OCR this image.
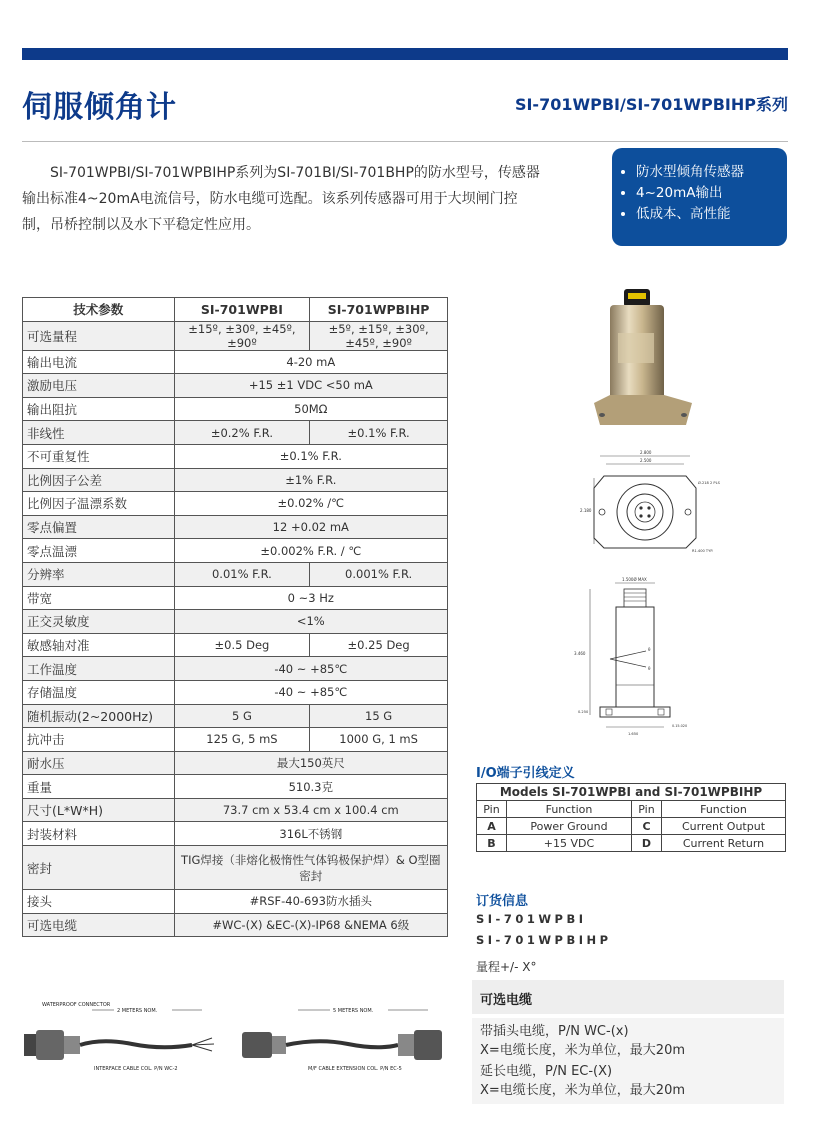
伺服倾角计	SI-701WPBI/SI-701WPBIHP系列
SI-701WPBI/SI-701WPBIHP系列为SI-701BI/SI-701BHP的防水型号，传感器输出标准4~20mA电流信号，防水电缆可选配。该系列传感器可用于大坝闸门控制，吊桥控制以及水下平稳定性应用。
• 防水型倾角传感器
• 4~20mA输出
• 低成本、高性能
技术参数	SI-701WPBI	SI-701WPBIHP
可选量程	±15º, ±30º, ±45º, ±90º	±5º, ±15º, ±30º, ±45º, ±90º
输出电流	4-20 mA	
激励电压	+15 ±1 VDC <50 mA	
输出阻抗	50MΩ	
非线性	±0.2% F.R.	±0.1% F.R.
不可重复性	±0.1% F.R.	
比例因子公差	±1% F.R.	
比例因子温漂系数	±0.02% /℃	
零点偏置	12 +0.02 mA	
零点温漂	±0.002% F.R. / ℃	
分辨率	0.01% F.R.	0.001% F.R.
带宽	0 ~3 Hz	
正交灵敏度	<1%	
敏感轴对准	±0.5 Deg	±0.25 Deg
工作温度	-40 ~ +85℃	
存储温度	-40 ~ +85℃	
随机振动(2~2000Hz)	5 G	15 G
抗冲击	125 G, 5 mS	1000 G, 1 mS
耐水压	最大150英尺	
重量	510.3克	
尺寸(L*W*H)	73.7 cm x 53.4 cm x 100.4 cm	
封装材料	316L不锈钢	
密封	TIG焊接（非熔化极惰性气体钨极保护焊）& O型圈密封	
接头	#RSF-40-693防水插头	
可选电缆	#WC-(X) &EC-(X)-IP68 &NEMA 6级	
2.800
2.500
2.180
Ø.218 2 PLS
R1.400 TYP.
1.500Ø MAX
θ
θ
3.460
0.250
1.650
0.15.020
I/O端子引线定义
Models SI-701WPBI and SI-701WPBIHP			
Pin	Function	Pin	Function
A	Power Ground	C	Current Output
B	+15 VDC	D	Current Return
订货信息
SI-701WPBI
SI-701WPBIHP
量程+/- X°
可选电缆
带插头电缆，P/N WC-(x)
X=电缆长度，米为单位，最大20m
延长电缆，P/N EC-(X)
X=电缆长度，米为单位，最大20m
WATERPROOF CONNECTOR
2 METERS NOM.
INTERFACE CABLE COL. P/N WC-2
5 METERS NOM.
M/F CABLE EXTENSION COL. P/N EC-5
